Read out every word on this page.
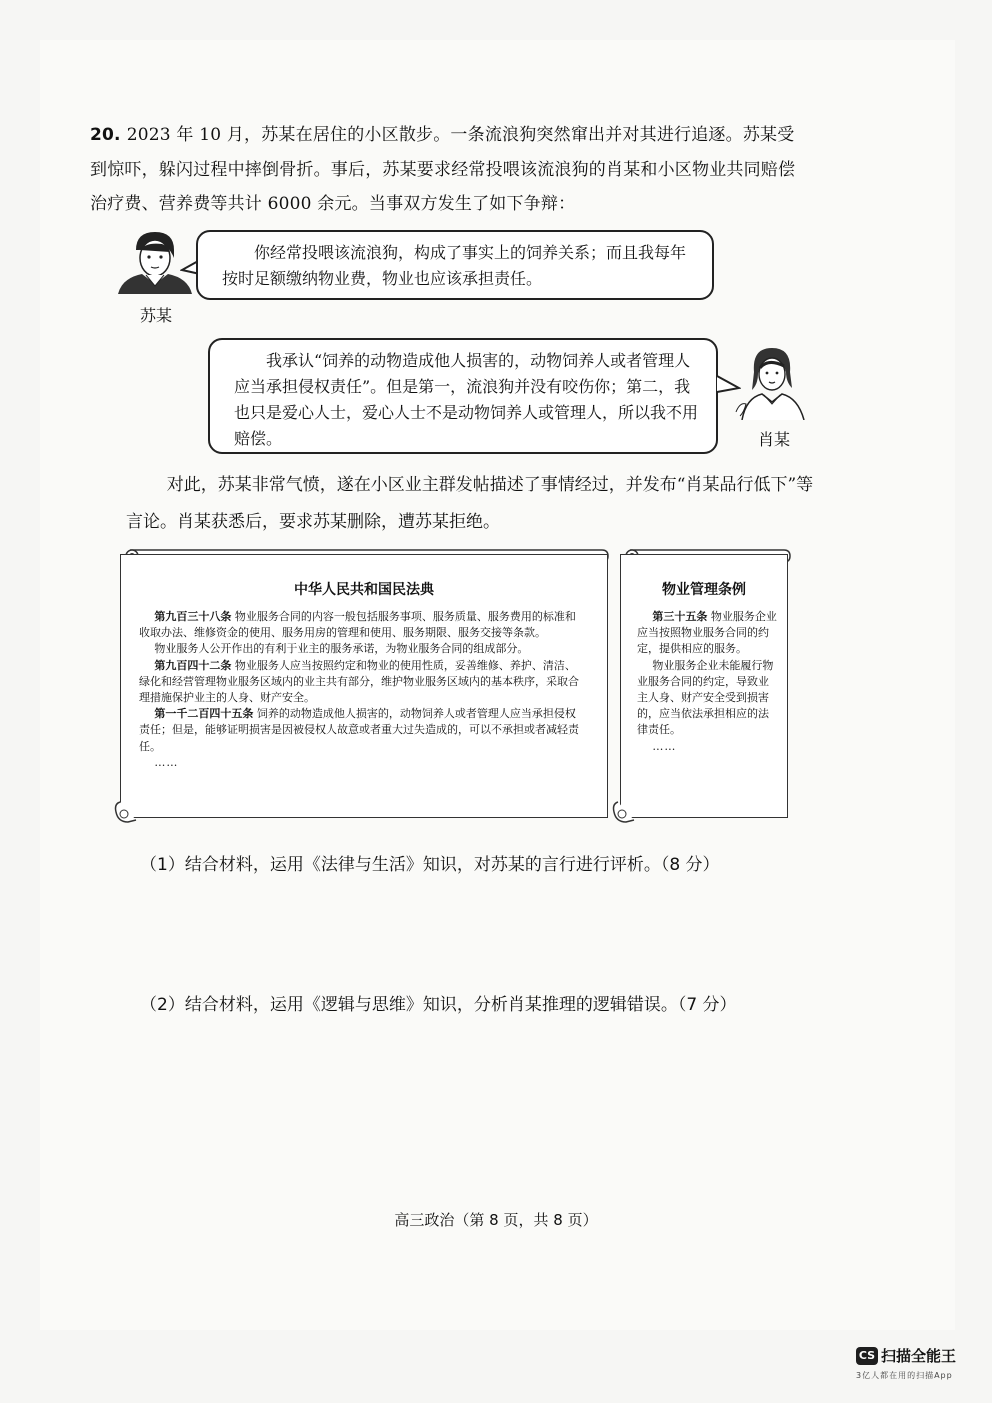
20. 2023 年 10 月，苏某在居住的小区散步。一条流浪狗突然窜出并对其进行追逐。苏某受到惊吓，躲闪过程中摔倒骨折。事后，苏某要求经常投喂该流浪狗的肖某和小区物业共同赔偿治疗费、营养费等共计 6000 余元。当事双方发生了如下争辩：
苏某
你经常投喂该流浪狗，构成了事实上的饲养关系；而且我每年按时足额缴纳物业费，物业也应该承担责任。
我承认“饲养的动物造成他人损害的，动物饲养人或者管理人应当承担侵权责任”。但是第一，流浪狗并没有咬伤你；第二，我也只是爱心人士，爱心人士不是动物饲养人或管理人，所以我不用赔偿。	肖某
对此，苏某非常气愤，遂在小区业主群发帖描述了事情经过，并发布“肖某品行低下”等言论。肖某获悉后，要求苏某删除，遭苏某拒绝。
中华人民共和国民法典

第九百三十八条 物业服务合同的内容一般包括服务事项、服务质量、服务费用的标准和收取办法、维修资金的使用、服务用房的管理和使用、服务期限、服务交接等条款。

物业服务人公开作出的有利于业主的服务承诺，为物业服务合同的组成部分。

第九百四十二条 物业服务人应当按照约定和物业的使用性质，妥善维修、养护、清洁、绿化和经营管理物业服务区域内的业主共有部分，维护物业服务区域内的基本秩序，采取合理措施保护业主的人身、财产安全。

第一千二百四十五条 饲养的动物造成他人损害的，动物饲养人或者管理人应当承担侵权责任；但是，能够证明损害是因被侵权人故意或者重大过失造成的，可以不承担或者减轻责任。

……

物业管理条例

第三十五条 物业服务企业应当按照物业服务合同的约定，提供相应的服务。

物业服务企业未能履行物业服务合同的约定，导致业主人身、财产安全受到损害的，应当依法承担相应的法律责任。

……

（1）结合材料，运用《法律与生活》知识，对苏某的言行进行评析。（8 分）
（2）结合材料，运用《逻辑与思维》知识，分析肖某推理的逻辑错误。（7 分）
高三政治（第 8 页，共 8 页）
CS 扫描全能王
3亿人都在用的扫描App
